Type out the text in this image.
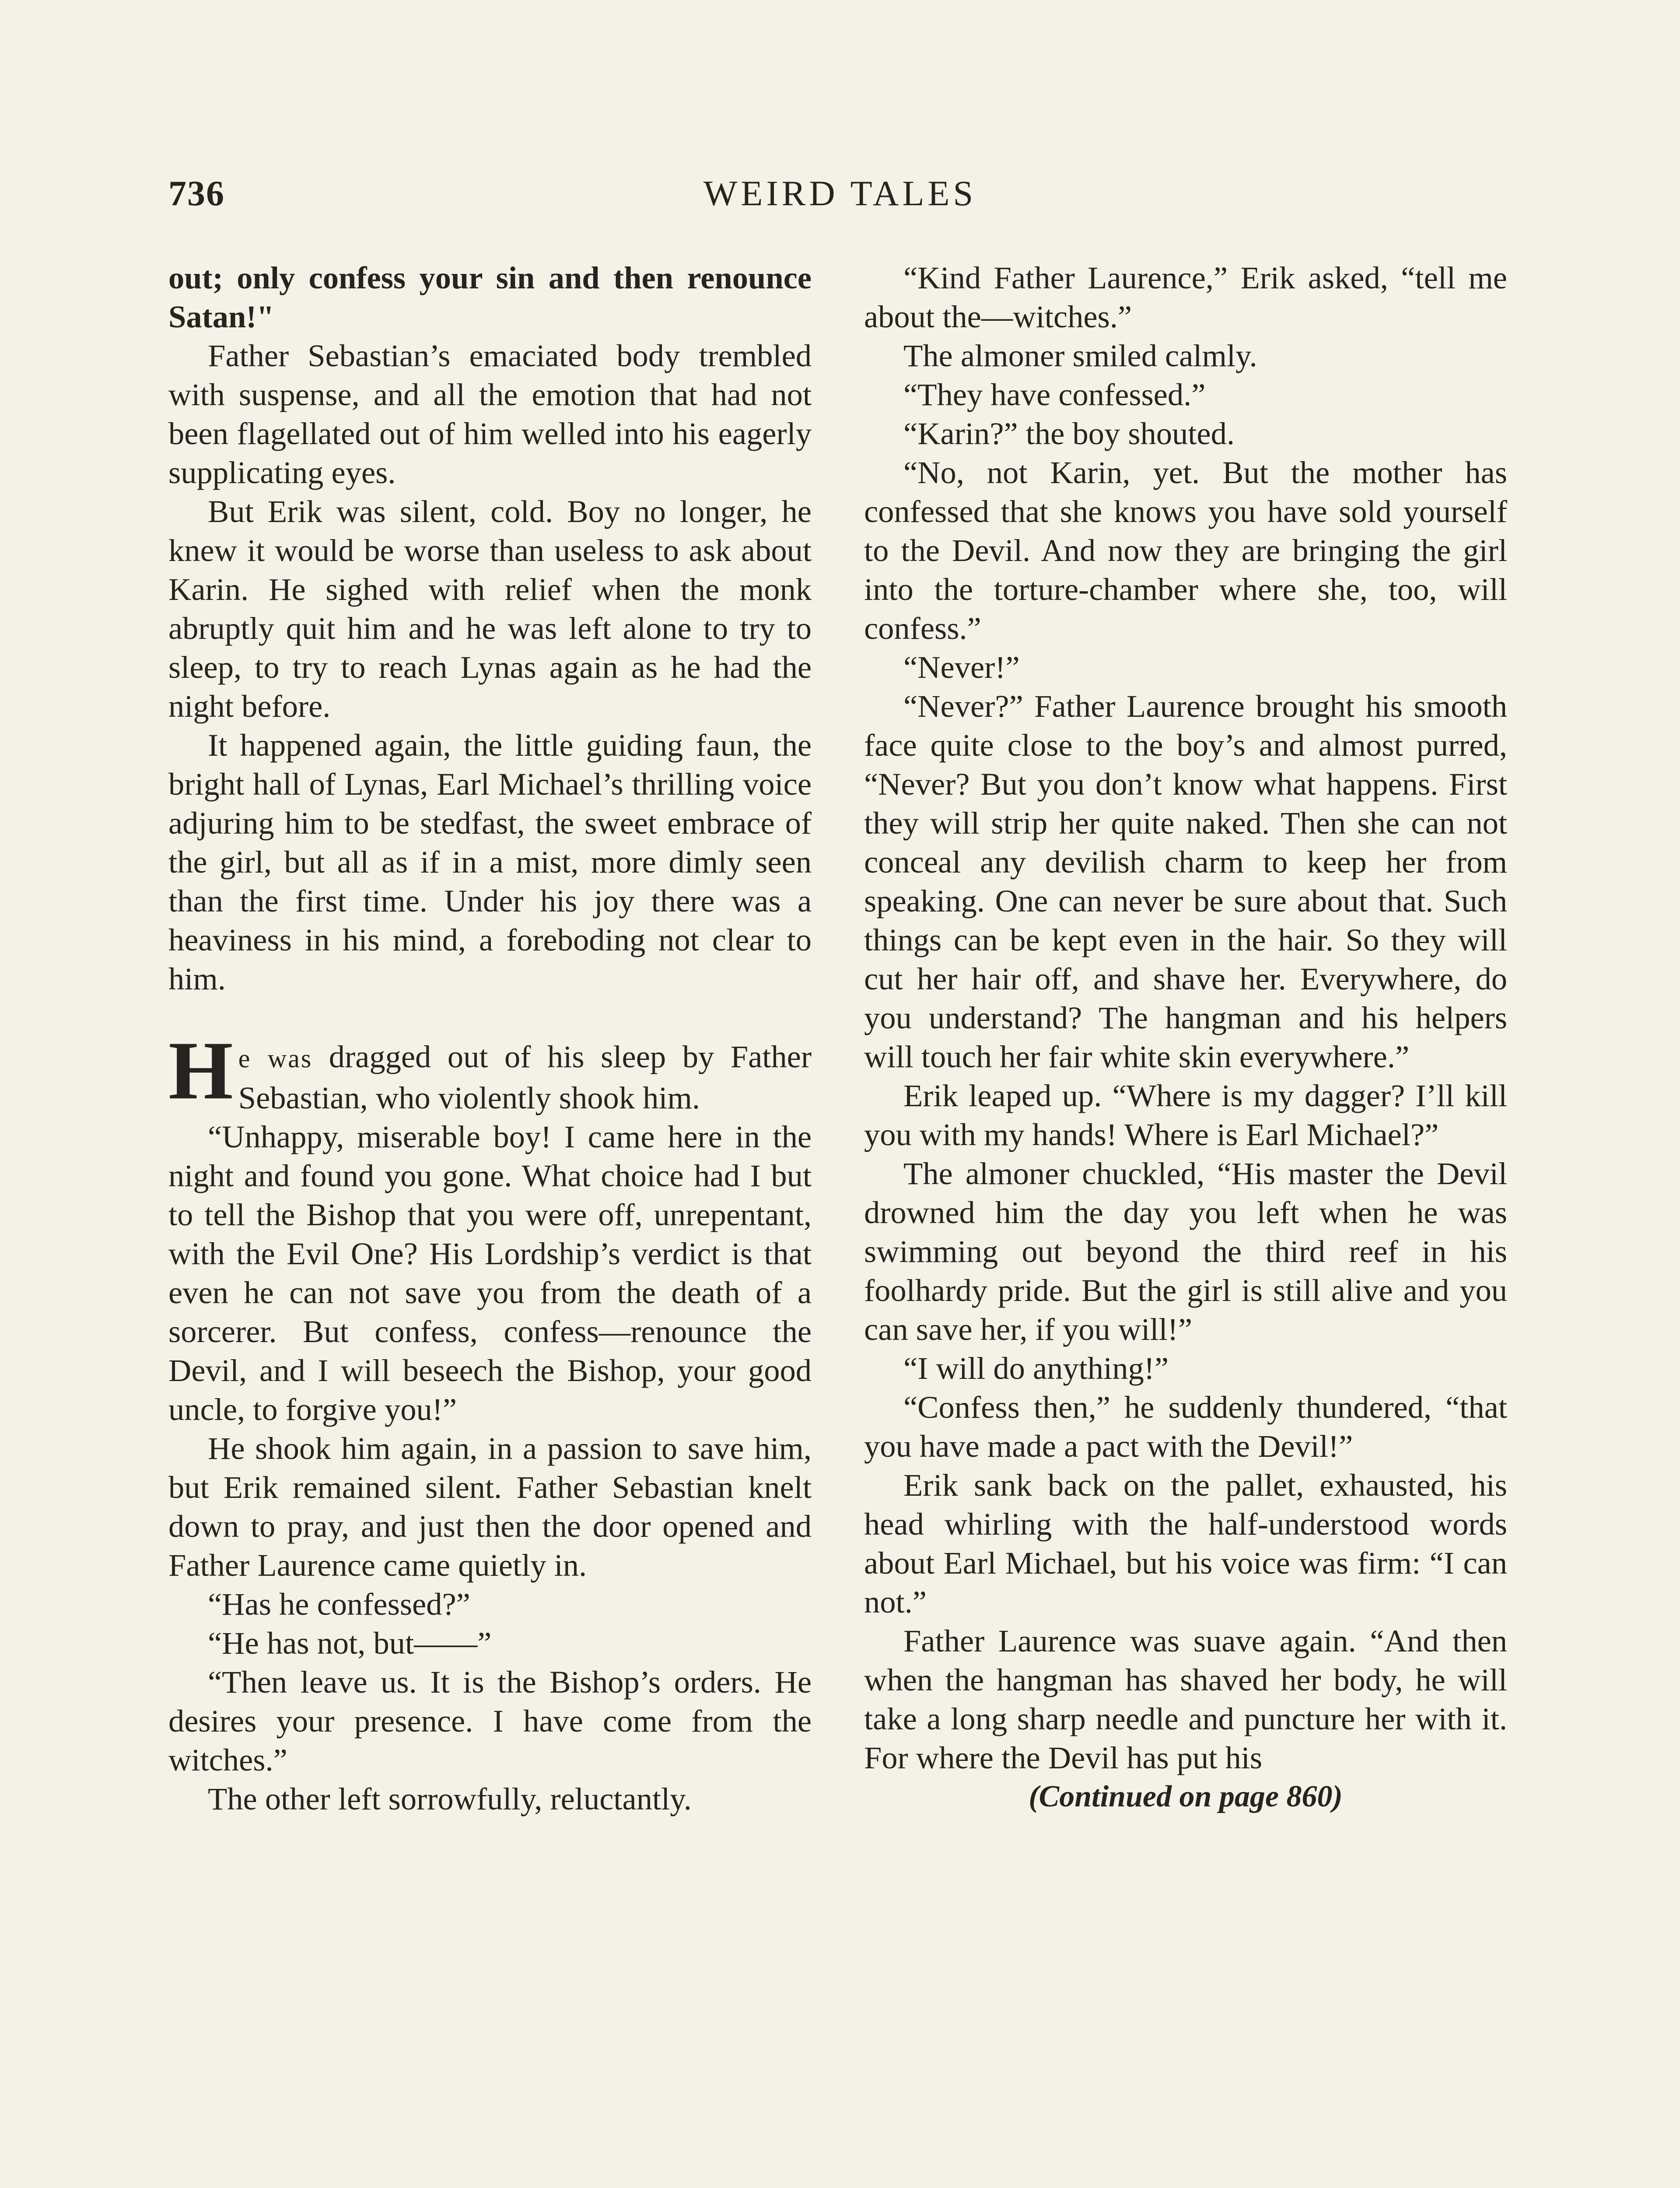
736	WEIRD TALES

out; only confess your sin and then renounce Satan!"

Father Sebastian’s emaciated body trembled with suspense, and all the emotion that had not been flagellated out of him welled into his eagerly supplicating eyes.

But Erik was silent, cold. Boy no longer, he knew it would be worse than useless to ask about Karin. He sighed with relief when the monk abruptly quit him and he was left alone to try to sleep, to try to reach Lynas again as he had the night before.

It happened again, the little guiding faun, the bright hall of Lynas, Earl Michael’s thrilling voice adjuring him to be stedfast, the sweet embrace of the girl, but all as if in a mist, more dimly seen than the first time. Under his joy there was a heaviness in his mind, a foreboding not clear to him.

He was dragged out of his sleep by Father Sebastian, who violently shook him.

“Unhappy, miserable boy! I came here in the night and found you gone. What choice had I but to tell the Bishop that you were off, unrepentant, with the Evil One? His Lordship’s verdict is that even he can not save you from the death of a sorcerer. But confess, confess—renounce the Devil, and I will beseech the Bishop, your good uncle, to forgive you!”

He shook him again, in a passion to save him, but Erik remained silent. Father Sebastian knelt down to pray, and just then the door opened and Father Laurence came quietly in.

“Has he confessed?”

“He has not, but——”

“Then leave us. It is the Bishop’s orders. He desires your presence. I have come from the witches.”

The other left sorrowfully, reluctantly.

“Kind Father Laurence,” Erik asked, “tell me about the—witches.”

The almoner smiled calmly.

“They have confessed.”

“Karin?” the boy shouted.

“No, not Karin, yet. But the mother has confessed that she knows you have sold yourself to the Devil. And now they are bringing the girl into the torture-chamber where she, too, will confess.”

“Never!”

“Never?” Father Laurence brought his smooth face quite close to the boy’s and almost purred, “Never? But you don’t know what happens. First they will strip her quite naked. Then she can not conceal any devilish charm to keep her from speaking. One can never be sure about that. Such things can be kept even in the hair. So they will cut her hair off, and shave her. Everywhere, do you understand? The hangman and his helpers will touch her fair white skin everywhere.”

Erik leaped up. “Where is my dagger? I’ll kill you with my hands! Where is Earl Michael?”

The almoner chuckled, “His master the Devil drowned him the day you left when he was swimming out beyond the third reef in his foolhardy pride. But the girl is still alive and you can save her, if you will!”

“I will do anything!”

“Confess then,” he suddenly thundered, “that you have made a pact with the Devil!”

Erik sank back on the pallet, exhausted, his head whirling with the half-understood words about Earl Michael, but his voice was firm: “I can not.”

Father Laurence was suave again. “And then when the hangman has shaved her body, he will take a long sharp needle and puncture her with it. For where the Devil has put his

(Continued on page 860)
